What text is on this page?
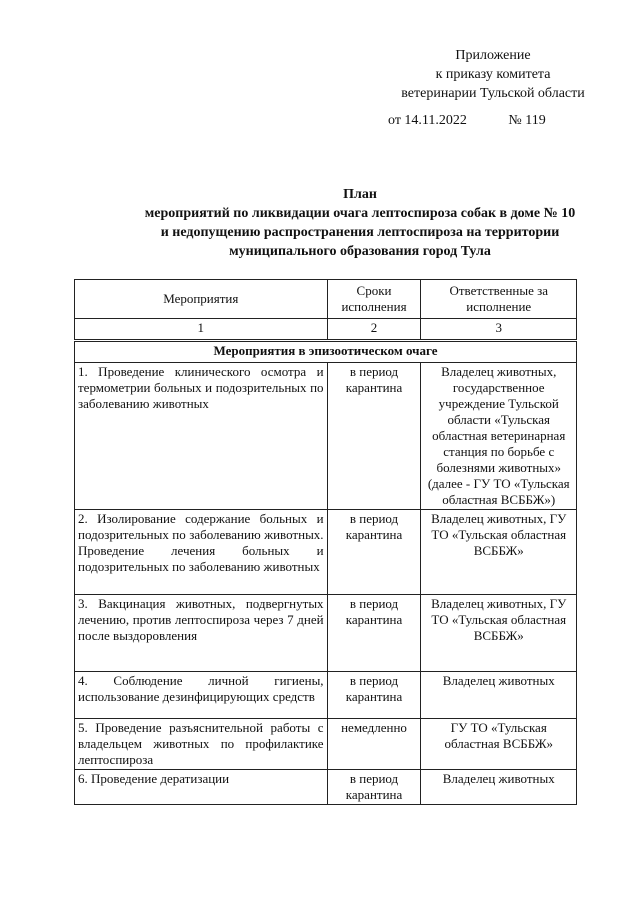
Приложение
к приказу комитета
ветеринарии Тульской области
от 14.11.2022	№ 119
План
мероприятий по ликвидации очага лептоспироза собак в доме № 10
и недопущению распространения лептоспироза на территории
муниципального образования город Тула
Мероприятия	Сроки исполнения	Ответственные за исполнение
1	2	3
Мероприятия в эпизоотическом очаге		
1. Проведение клинического осмотра и термометрии больных и подозрительных по заболеванию животных	в период карантина	Владелец животных, государственное учреждение Тульской области «Тульская областная ветеринарная станция по борьбе с болезнями животных» (далее - ГУ ТО «Тульская областная ВСББЖ»)
2. Изолирование содержание больных и подозрительных по заболеванию животных. Проведение лечения больных и подозрительных по заболеванию животных	в период карантина	Владелец животных, ГУ ТО «Тульская областная ВСББЖ»
3. Вакцинация животных, подвергнутых лечению, против лептоспироза через 7 дней после выздоровления	в период карантина	Владелец животных, ГУ ТО «Тульская областная ВСББЖ»
4. Соблюдение личной гигиены, использование дезинфицирующих средств	в период карантина	Владелец животных
5. Проведение разъяснительной работы с владельцем животных по профилактике лептоспироза	немедленно	ГУ ТО «Тульская областная ВСББЖ»
6. Проведение дератизации	в период карантина	Владелец животных
